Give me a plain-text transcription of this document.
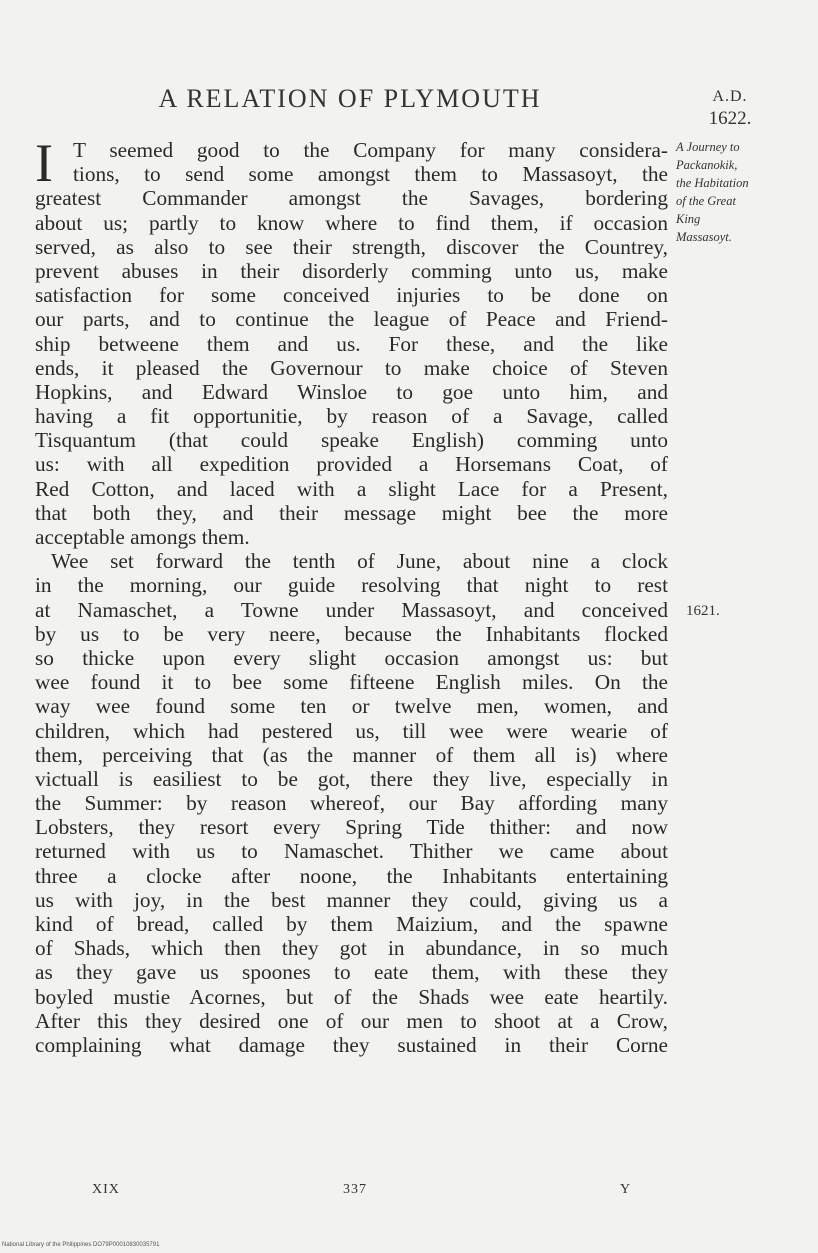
A RELATION OF PLYMOUTH	A.D.
1622.
A Journey to
Packanokik,
the Habitation
of the Great
King
Massasoyt.
1621.
I T seemed good to the Company for many considera-
tions, to send some amongst them to Massasoyt, the
greatest Commander amongst the Savages, bordering
about us; partly to know where to find them, if occasion
served, as also to see their strength, discover the Countrey,
prevent abuses in their disorderly comming unto us, make
satisfaction for some conceived injuries to be done on
our parts, and to continue the league of Peace and Friend-
ship betweene them and us. For these, and the like
ends, it pleased the Governour to make choice of Steven
Hopkins, and Edward Winsloe to goe unto him, and
having a fit opportunitie, by reason of a Savage, called
Tisquantum (that could speake English) comming unto
us: with all expedition provided a Horsemans Coat, of
Red Cotton, and laced with a slight Lace for a Present,
that both they, and their message might bee the more
acceptable amongs them.
Wee set forward the tenth of June, about nine a clock
in the morning, our guide resolving that night to rest
at Namaschet, a Towne under Massasoyt, and conceived
by us to be very neere, because the Inhabitants flocked
so thicke upon every slight occasion amongst us: but
wee found it to bee some fifteene English miles. On the
way wee found some ten or twelve men, women, and
children, which had pestered us, till wee were wearie of
them, perceiving that (as the manner of them all is) where
victuall is easiliest to be got, there they live, especially in
the Summer: by reason whereof, our Bay affording many
Lobsters, they resort every Spring Tide thither: and now
returned with us to Namaschet. Thither we came about
three a clocke after noone, the Inhabitants entertaining
us with joy, in the best manner they could, giving us a
kind of bread, called by them Maizium, and the spawne
of Shads, which then they got in abundance, in so much
as they gave us spoones to eate them, with these they
boyled mustie Acornes, but of the Shads wee eate heartily.
After this they desired one of our men to shoot at a Crow,
complaining what damage they sustained in their Corne
XIX	337	Y
National Library of the Philippines DO79P00010830035791
